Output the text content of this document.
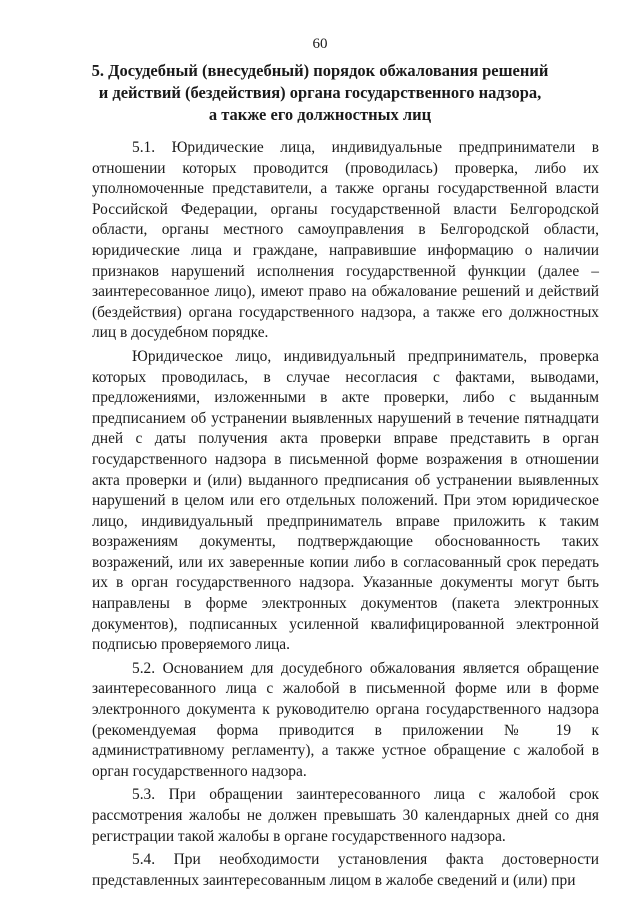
60
5. Досудебный (внесудебный) порядок обжалования решений
и действий (бездействия) органа государственного надзора,
а также его должностных лиц

5.1. Юридические лица, индивидуальные предприниматели в отношении которых проводится (проводилась) проверка, либо их уполномоченные представители, а также органы государственной власти Российской Федерации, органы государственной власти Белгородской области, органы местного самоуправления в Белгородской области, юридические лица и граждане, направившие информацию о наличии признаков нарушений исполнения государственной функции (далее – заинтересованное лицо), имеют право на обжалование решений и действий (бездействия) органа государственного надзора, а также его должностных лиц в досудебном порядке.

Юридическое лицо, индивидуальный предприниматель, проверка которых проводилась, в случае несогласия с фактами, выводами, предложениями, изложенными в акте проверки, либо с выданным предписанием об устранении выявленных нарушений в течение пятнадцати дней с даты получения акта проверки вправе представить в орган государственного надзора в письменной форме возражения в отношении акта проверки и (или) выданного предписания об устранении выявленных нарушений в целом или его отдельных положений. При этом юридическое лицо, индивидуальный предприниматель вправе приложить к таким возражениям документы, подтверждающие обоснованность таких возражений, или их заверенные копии либо в согласованный срок передать их в орган государственного надзора. Указанные документы могут быть направлены в форме электронных документов (пакета электронных документов), подписанных усиленной квалифицированной электронной подписью проверяемого лица.

5.2. Основанием для досудебного обжалования является обращение заинтересованного лица с жалобой в письменной форме или в форме электронного документа к руководителю органа государственного надзора (рекомендуемая форма приводится в приложении № 19 к административному регламенту), а также устное обращение с жалобой в орган государственного надзора.

5.3. При обращении заинтересованного лица с жалобой срок рассмотрения жалобы не должен превышать 30 календарных дней со дня регистрации такой жалобы в органе государственного надзора.

5.4. При необходимости установления факта достоверности представленных заинтересованным лицом в жалобе сведений и (или) при
